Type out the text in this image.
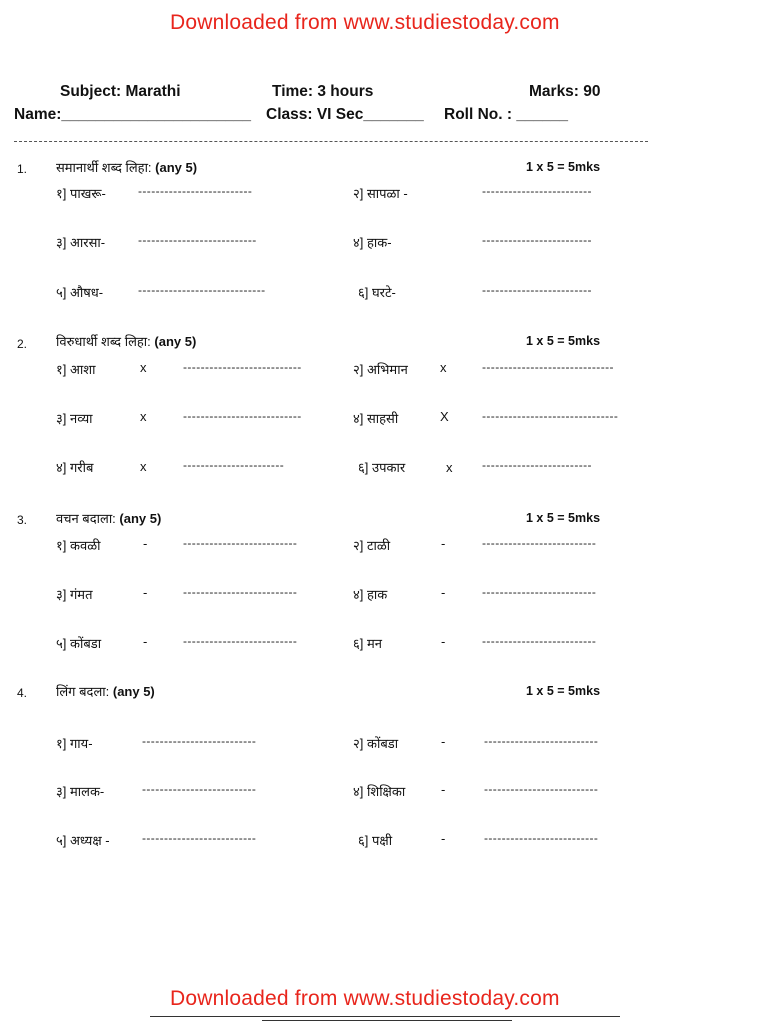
Downloaded from www.studiestoday.com
Subject: Marathi	Time: 3 hours	Marks: 90
Name:______________________ Class: VI Sec_______ Roll No. : ______
1. समानार्थी शब्द लिहा: (any 5)	1 x 5 = 5mks
१] पाखरू-	--------------------------	२] सापळा -	-------------------------
३] आरसा-	---------------------------	४] हाक-	-------------------------
५] औषध-	-----------------------------	६] घरटे-	-------------------------
2. विरुधार्थी शब्द लिहा: (any 5)	1 x 5 = 5mks
१] आशा	x	---------------------------	२] अभिमान x	------------------------------
३] नव्या	x	---------------------------	४] साहसी	X	-------------------------------
४] गरीब	x	-----------------------	६] उपकार	x -------------------------
3. वचन बदाला: (any 5)	1 x 5 = 5mks
१] कवळी	-	--------------------------	२] टाळी	-	--------------------------
३] गंमत	-	--------------------------	४] हाक	-	--------------------------
५] कोंबडा	-	--------------------------	६] मन	-	--------------------------
4. लिंग बदला: (any 5)	1 x 5 = 5mks
१] गाय-	--------------------------	२] कोंबडा	-	--------------------------
३] मालक-	--------------------------	४] शिक्षिका	-	--------------------------
५] अध्यक्ष -	--------------------------	६] पक्षी	-	--------------------------
Downloaded from www.studiestoday.com
